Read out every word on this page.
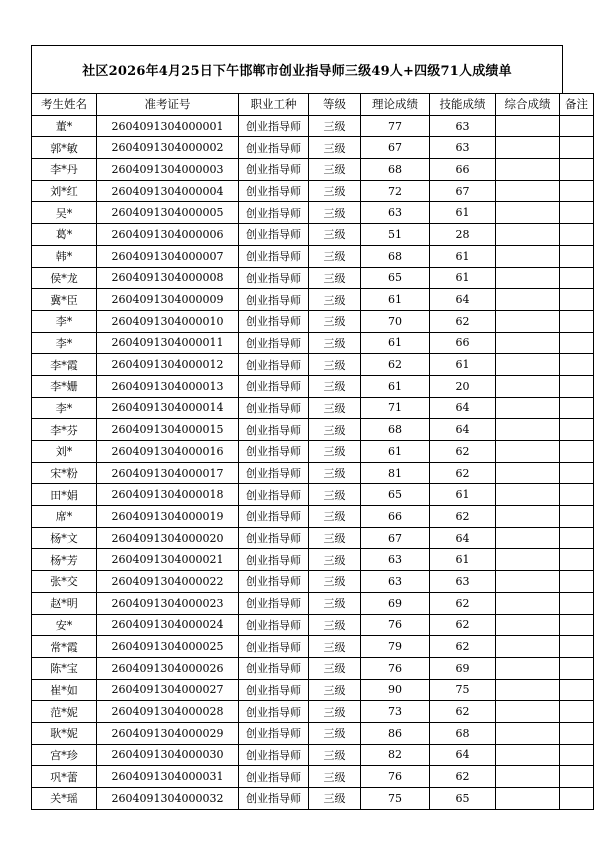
社区2026年4月25日下午邯郸市创业指导师三级49人+四级71人成绩单
考生姓名	准考证号	职业工种	等级	理论成绩	技能成绩	综合成绩	备注
董*	2604091304000001	创业指导师	三级	77	63		
郭*敏	2604091304000002	创业指导师	三级	67	63		
李*丹	2604091304000003	创业指导师	三级	68	66		
刘*红	2604091304000004	创业指导师	三级	72	67		
吴*	2604091304000005	创业指导师	三级	63	61		
葛*	2604091304000006	创业指导师	三级	51	28		
韩*	2604091304000007	创业指导师	三级	68	61		
侯*龙	2604091304000008	创业指导师	三级	65	61		
冀*臣	2604091304000009	创业指导师	三级	61	64		
李*	2604091304000010	创业指导师	三级	70	62		
李*	2604091304000011	创业指导师	三级	61	66		
李*霞	2604091304000012	创业指导师	三级	62	61		
李*姗	2604091304000013	创业指导师	三级	61	20		
李*	2604091304000014	创业指导师	三级	71	64		
李*芬	2604091304000015	创业指导师	三级	68	64		
刘*	2604091304000016	创业指导师	三级	61	62		
宋*粉	2604091304000017	创业指导师	三级	81	62		
田*娟	2604091304000018	创业指导师	三级	65	61		
席*	2604091304000019	创业指导师	三级	66	62		
杨*文	2604091304000020	创业指导师	三级	67	64		
杨*芳	2604091304000021	创业指导师	三级	63	61		
张*交	2604091304000022	创业指导师	三级	63	63		
赵*明	2604091304000023	创业指导师	三级	69	62		
安*	2604091304000024	创业指导师	三级	76	62		
常*霞	2604091304000025	创业指导师	三级	79	62		
陈*宝	2604091304000026	创业指导师	三级	76	69		
崔*如	2604091304000027	创业指导师	三级	90	75		
范*妮	2604091304000028	创业指导师	三级	73	62		
耿*妮	2604091304000029	创业指导师	三级	86	68		
宫*珍	2604091304000030	创业指导师	三级	82	64		
巩*蕾	2604091304000031	创业指导师	三级	76	62		
关*瑶	2604091304000032	创业指导师	三级	75	65		
